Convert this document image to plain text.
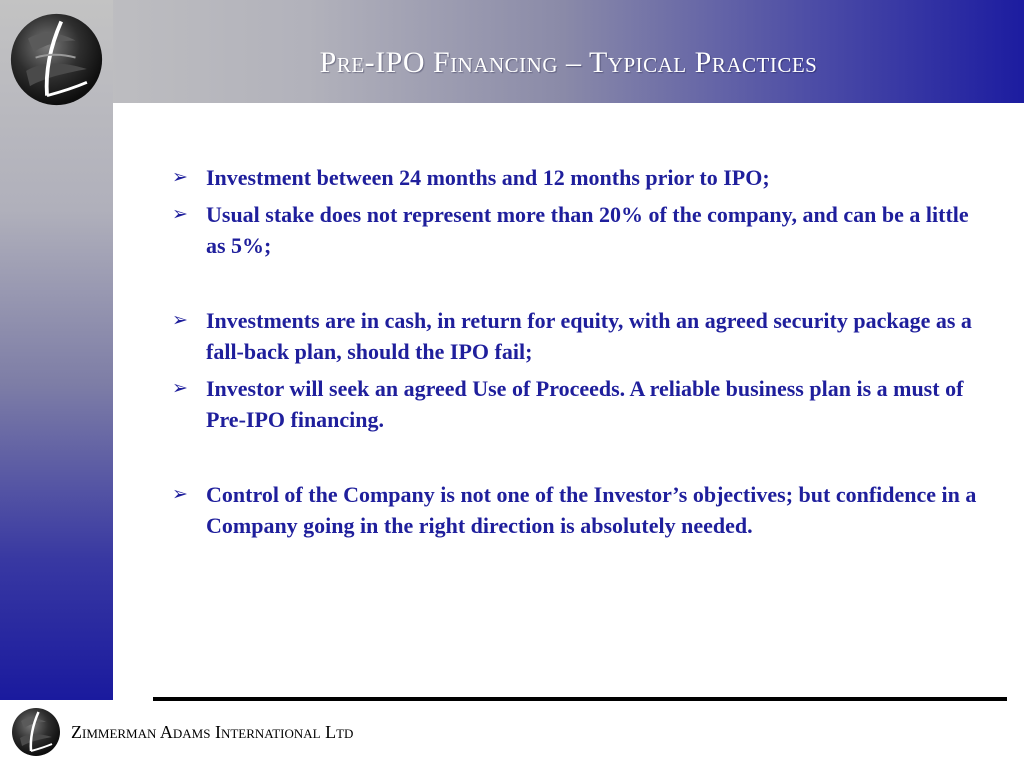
Pre-IPO Financing – Typical Practices
➢ Investment between 24 months and 12 months prior to IPO;
➢ Usual stake does not represent more than 20% of the company, and can be a little as 5%;
➢ Investments are in cash, in return for equity, with an agreed security package as a fall-back plan, should the IPO fail;
➢ Investor will seek an agreed Use of Proceeds. A reliable business plan is a must of Pre-IPO financing.
➢ Control of the Company is not one of the Investor’s objectives; but confidence in a Company going in the right direction is absolutely needed.
Zimmerman Adams International Ltd
